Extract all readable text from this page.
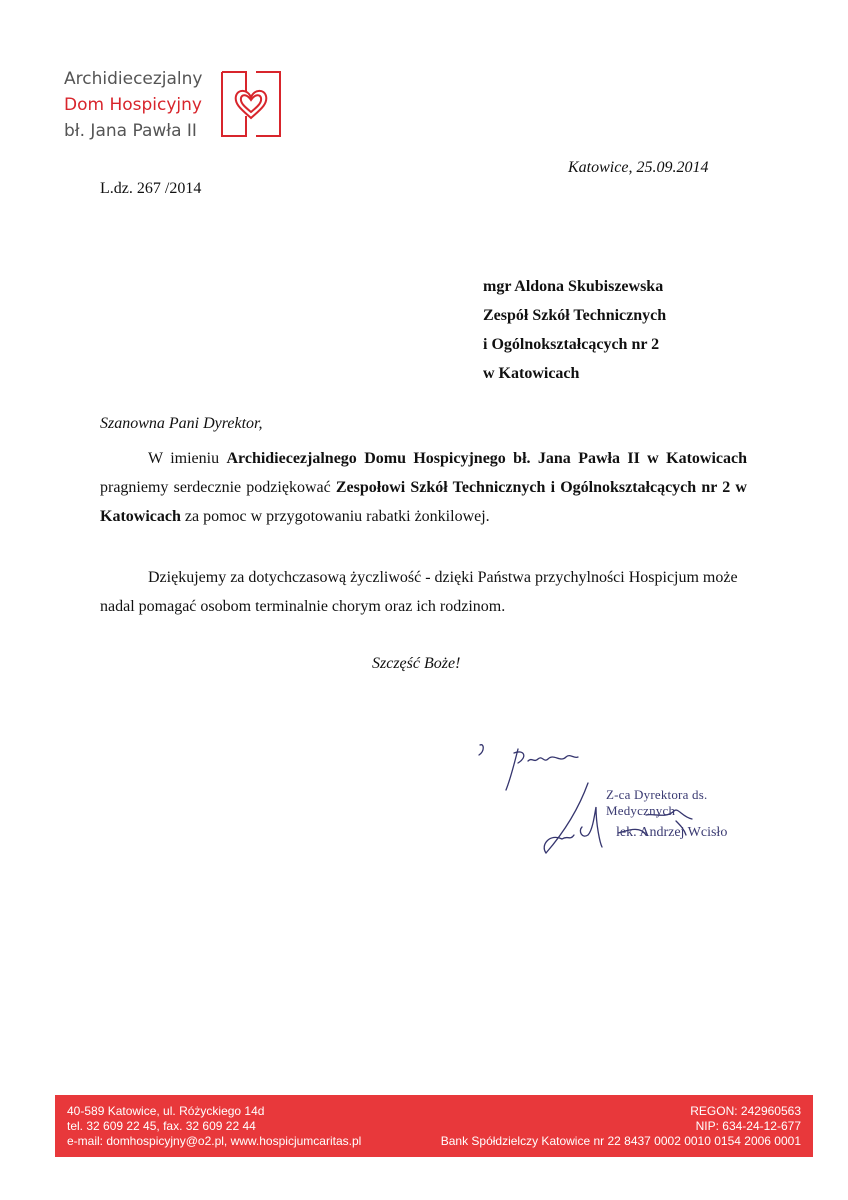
Archidiecezjalny
Dom Hospicyjny
bł. Jana Pawła II
Katowice, 25.09.2014
L.dz. 267 /2014
mgr Aldona Skubiszewska
Zespół Szkół Technicznych
i Ogólnokształcących nr 2
w Katowicach
Szanowna Pani Dyrektor,
W imieniu Archidiecezjalnego Domu Hospicyjnego bł. Jana Pawła II w Katowicach pragniemy serdecznie podziękować Zespołowi Szkół Technicznych i Ogólnokształcących nr 2 w Katowicach za pomoc w przygotowaniu rabatki żonkilowej.
Dziękujemy za dotychczasową życzliwość - dzięki Państwa przychylności Hospicjum może nadal pomagać osobom terminalnie chorym oraz ich rodzinom.
Szczęść Boże!
Z-ca Dyrektora ds. Medycznych
lek. Andrzej Wcisło
40-589 Katowice, ul. Różyckiego 14d
tel. 32 609 22 45, fax. 32 609 22 44
e-mail: domhospicyjny@o2.pl, www.hospicjumcaritas.pl
REGON: 242960563
NIP: 634-24-12-677
Bank Spółdzielczy Katowice nr 22 8437 0002 0010 0154 2006 0001
